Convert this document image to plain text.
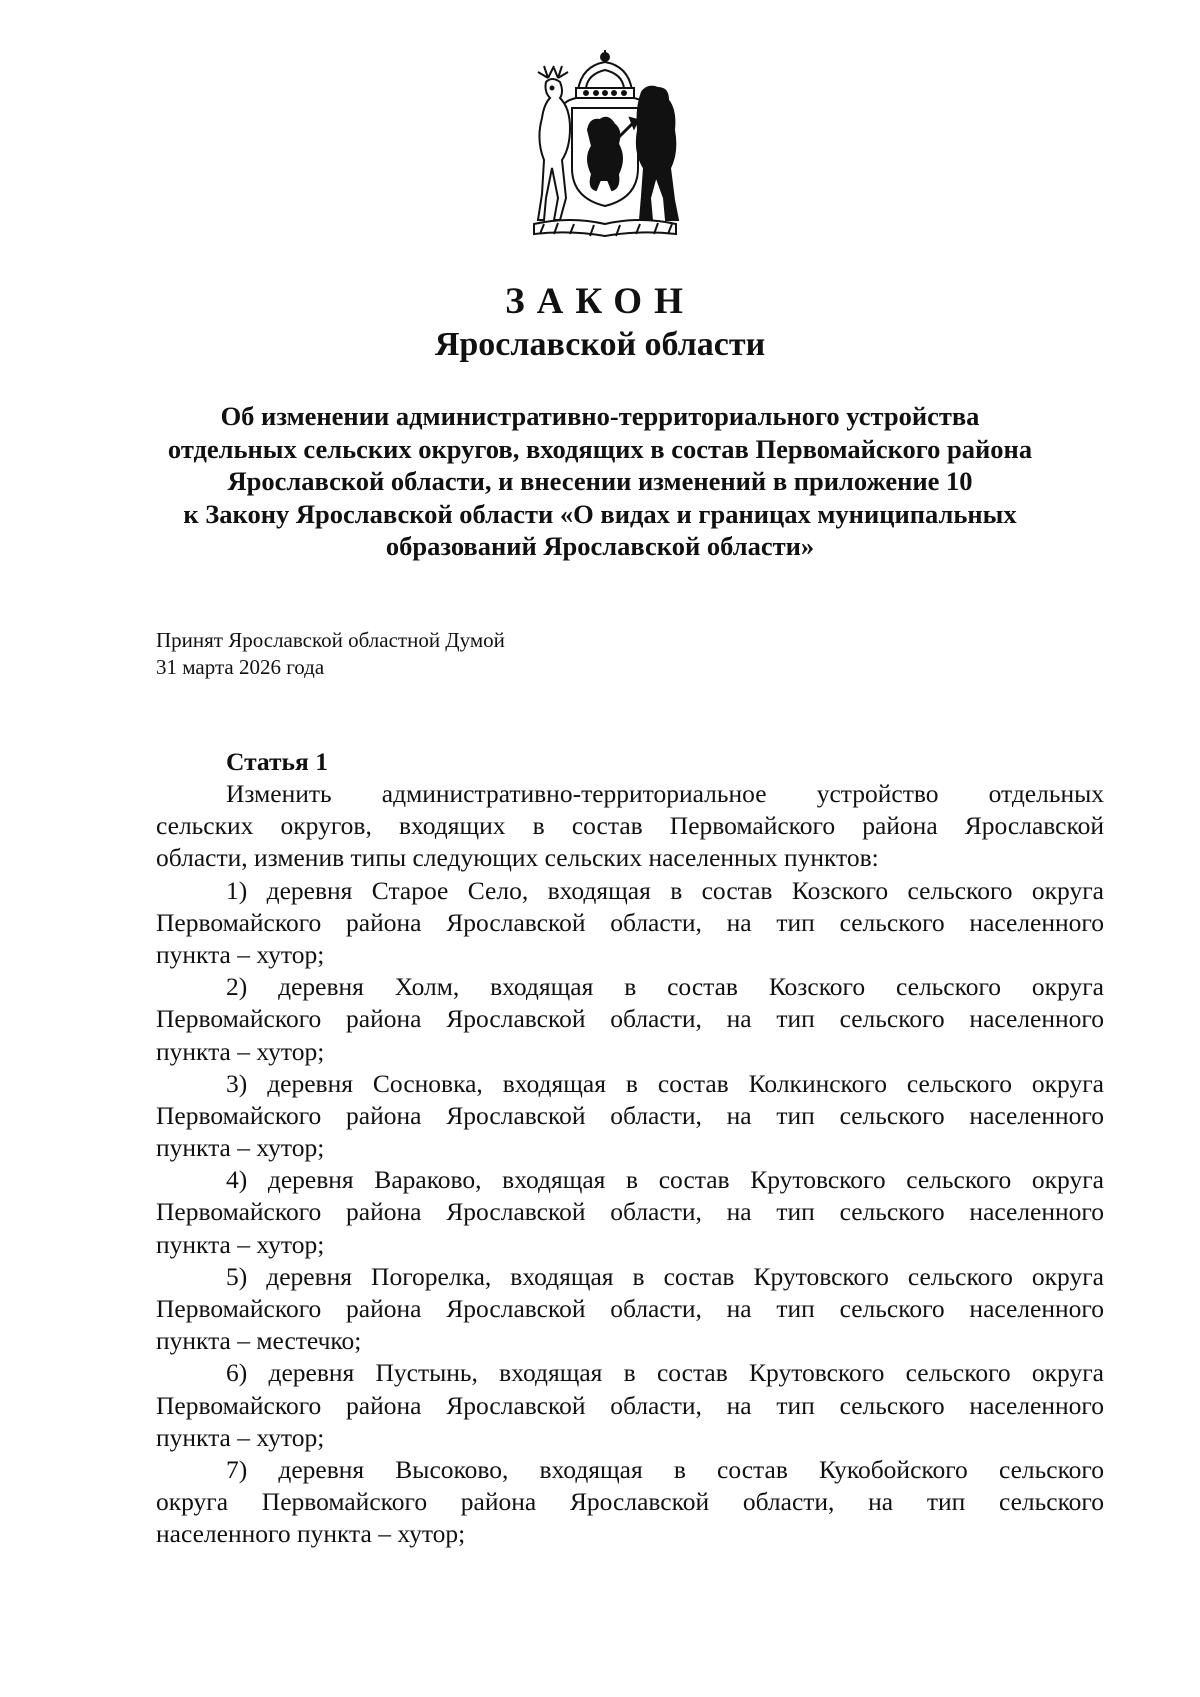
ЗАКОН
Ярославской области
Об изменении административно-территориального устройства
отдельных сельских округов, входящих в состав Первомайского района
Ярославской области, и внесении изменений в приложение 10
к Закону Ярославской области «О видах и границах муниципальных
образований Ярославской области»
Принят Ярославской областной Думой
31 марта 2026 года
Статья 1
Изменить административно-территориальное устройство отдельных
сельских округов, входящих в состав Первомайского района Ярославской
области, изменив типы следующих сельских населенных пунктов:
1) деревня Старое Село, входящая в состав Козского сельского округа
Первомайского района Ярославской области, на тип сельского населенного
пункта – хутор;
2) деревня Холм, входящая в состав Козского сельского округа
Первомайского района Ярославской области, на тип сельского населенного
пункта – хутор;
3) деревня Сосновка, входящая в состав Колкинского сельского округа
Первомайского района Ярославской области, на тип сельского населенного
пункта – хутор;
4) деревня Вараково, входящая в состав Крутовского сельского округа
Первомайского района Ярославской области, на тип сельского населенного
пункта – хутор;
5) деревня Погорелка, входящая в состав Крутовского сельского округа
Первомайского района Ярославской области, на тип сельского населенного
пункта – местечко;
6) деревня Пустынь, входящая в состав Крутовского сельского округа
Первомайского района Ярославской области, на тип сельского населенного
пункта – хутор;
7) деревня Высоково, входящая в состав Кукобойского сельского
округа Первомайского района Ярославской области, на тип сельского
населенного пункта – хутор;
